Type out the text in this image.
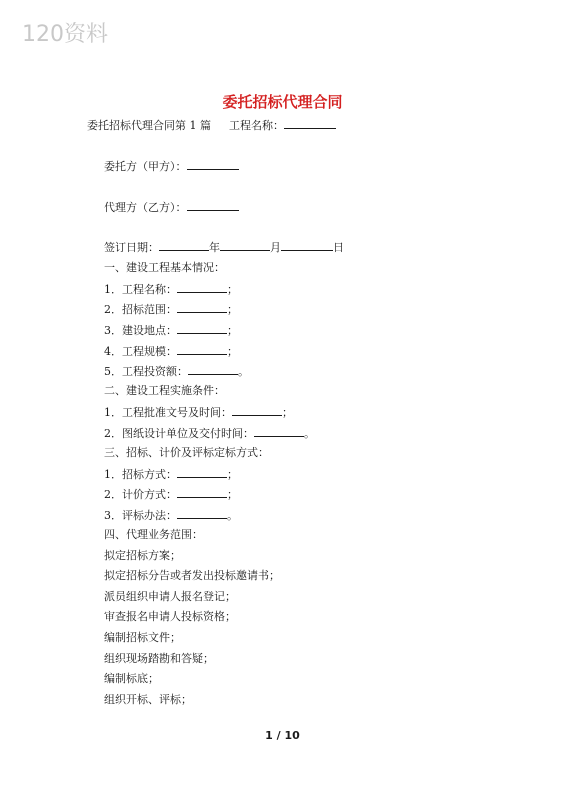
120资料
委托招标代理合同
委托招标代理合同第 1 篇 工程名称：
委托方（甲方）：
代理方（乙方）：
签订日期：	年	月	日
一、建设工程基本情况：
1．工程名称：	；
2．招标范围：	；
3．建设地点：	；
4．工程规模：	；
5．工程投资额：	。
二、建设工程实施条件：
1．工程批准文号及时间：	；
2．图纸设计单位及交付时间：	。
三、招标、计价及评标定标方式：
1．招标方式：	；
2．计价方式：	；
3．评标办法：	。
四、代理业务范围：
拟定招标方案；
拟定招标分告或者发出投标邀请书；
派员组织申请人报名登记；
审查报名申请人投标资格；
编制招标文件；
组织现场踏勘和答疑；
编制标底；
组织开标、评标；
1 / 10
